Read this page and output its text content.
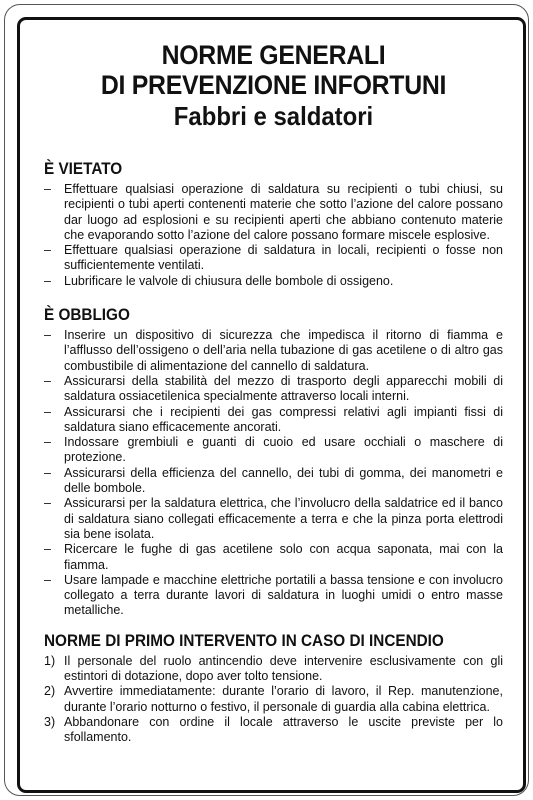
NORME GENERALI
DI PREVENZIONE INFORTUNI
Fabbri e saldatori
È VIETATO
–	Effettuare qualsiasi operazione di saldatura su recipienti o tubi chiusi, su recipienti o tubi aperti contenenti materie che sotto l’azione del calore possano dar luogo ad esplosioni e su recipienti aperti che abbiano contenuto materie che evaporando sotto l’azione del calore possano formare miscele esplosive.
–	Effettuare qualsiasi operazione di saldatura in locali, recipienti o fosse non sufficientemente ventilati.
–	Lubrificare le valvole di chiusura delle bombole di ossigeno.
È OBBLIGO
–	Inserire un dispositivo di sicurezza che impedisca il ritorno di fiamma e l’afflusso dell’ossigeno o dell’aria nella tubazione di gas acetilene o di altro gas combustibile di alimentazione del cannello di saldatura.
–	Assicurarsi della stabilità del mezzo di trasporto degli apparecchi mobili di saldatura ossiacetilenica specialmente attraverso locali interni.
–	Assicurarsi che i recipienti dei gas compressi relativi agli impianti fissi di saldatura siano efficacemente ancorati.
–	Indossare grembiuli e guanti di cuoio ed usare occhiali o maschere di protezione.
–	Assicurarsi della efficienza del cannello, dei tubi di gomma, dei manometri e delle bombole.
–	Assicurarsi per la saldatura elettrica, che l’involucro della saldatrice ed il banco di saldatura siano collegati efficacemente a terra e che la pinza porta elettrodi sia bene isolata.
–	Ricercare le fughe di gas acetilene solo con acqua saponata, mai con la fiamma.
–	Usare lampade e macchine elettriche portatili a bassa tensione e con involucro collegato a terra durante lavori di saldatura in luoghi umidi o entro masse metalliche.
NORME DI PRIMO INTERVENTO IN CASO DI INCENDIO
1) Il personale del ruolo antincendio deve intervenire esclusivamente con gli estintori di dotazione, dopo aver tolto tensione.
2) Avvertire immediatamente: durante l’orario di lavoro, il Rep. manutenzione, durante l’orario notturno o festivo, il personale di guardia alla cabina elettrica.
3) Abbandonare con ordine il locale attraverso le uscite previste per lo sfollamento.
